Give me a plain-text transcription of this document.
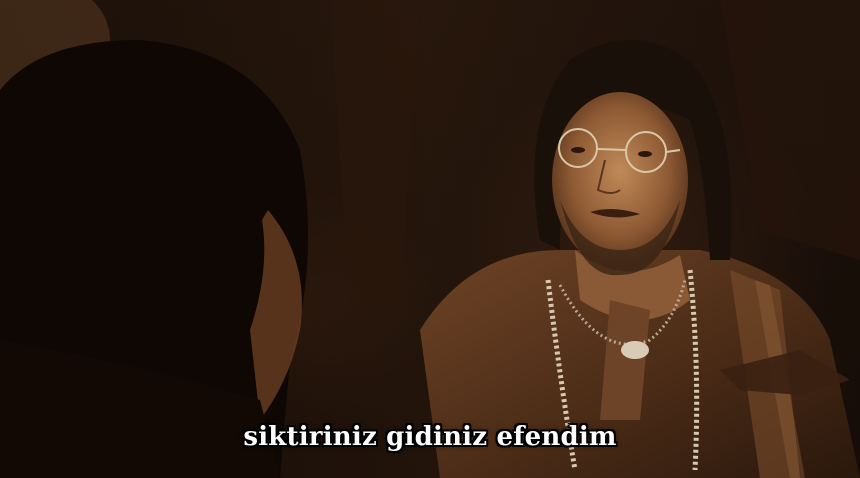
siktiriniz gidiniz efendim
